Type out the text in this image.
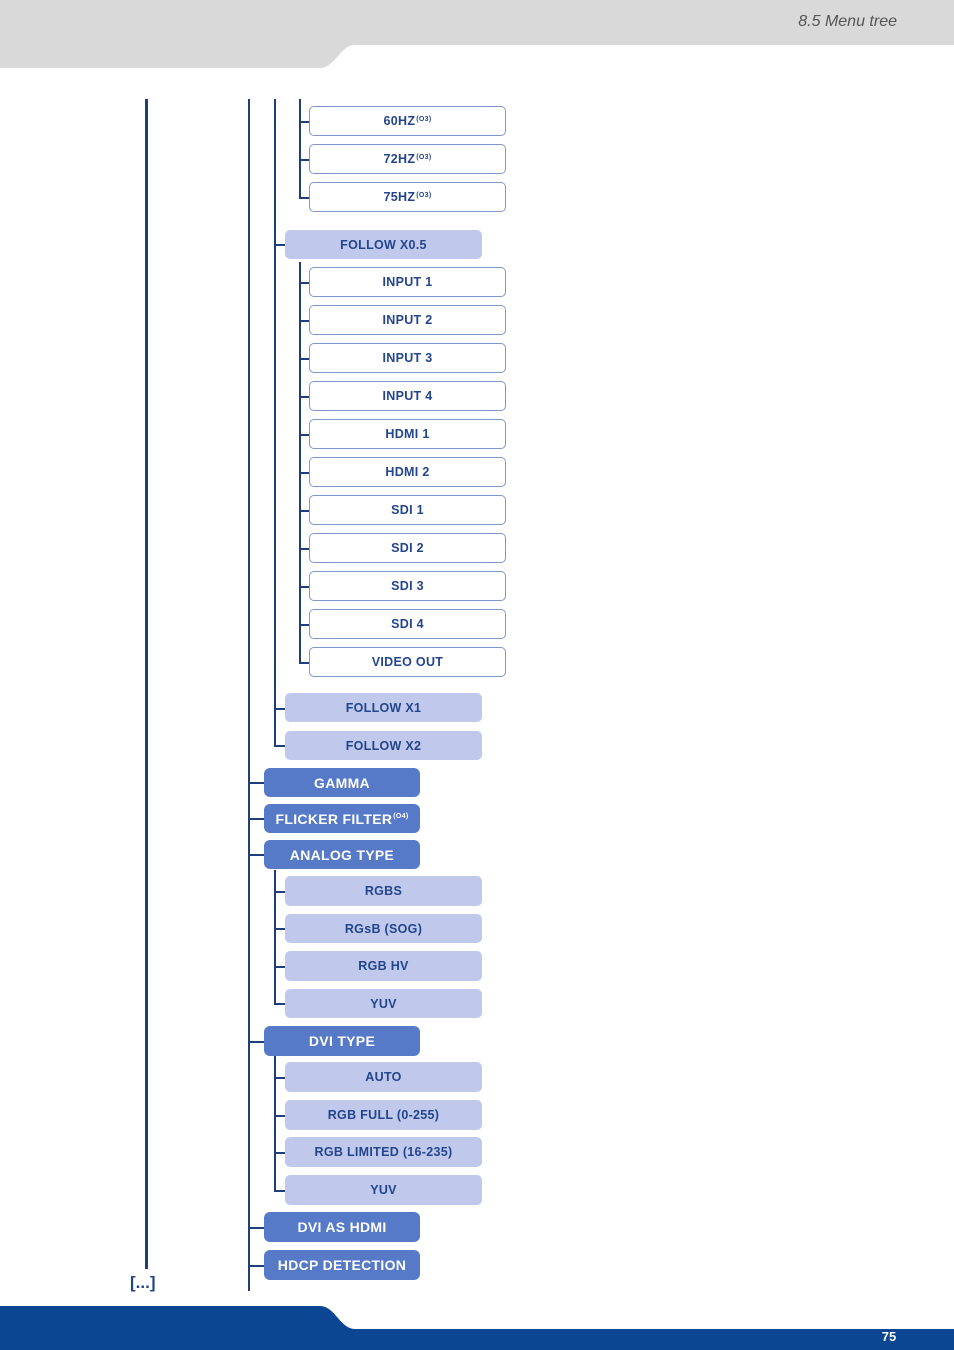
8.5 Menu tree
75
$60HZ^{(O3)}$
$72HZ^{(O3)}$
$75HZ^{(O3)}$
FOLLOW X0.5
INPUT 1
INPUT 2
INPUT 3
INPUT 4
HDMI 1
HDMI 2
SDI 1
SDI 2
SDI 3
SDI 4
VIDEO OUT
FOLLOW X1
FOLLOW X2
GAMMA
FLICKER $FILTER^{(O4)}$
ANALOG TYPE
RGBS
RGsB (SOG)
RGB HV
YUV
DVI TYPE
AUTO
RGB FULL (0-255)
RGB LIMITED (16-235)
YUV
DVI AS HDMI
HDCP DETECTION
[...]
